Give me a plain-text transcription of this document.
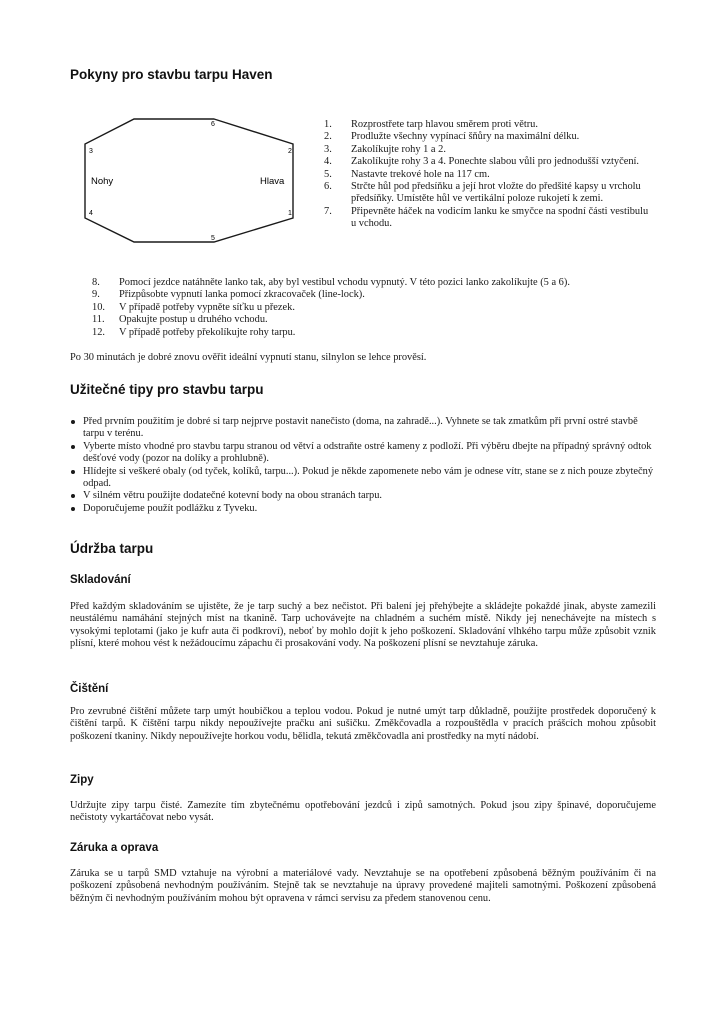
Pokyny pro stavbu tarpu Haven
6
2
1
5
4
3
Nohy	Hlava
1. Rozprostřete tarp hlavou směrem proti větru.
2. Prodlužte všechny vypínací šňůry na maximální délku.
3. Zakolíkujte rohy 1 a 2.
4. Zakolíkujte rohy 3 a 4. Ponechte slabou vůli pro jednodušší vztyčení.
5. Nastavte trekové hole na 117 cm.
6. Strčte hůl pod předsíňku a její hrot vložte do předšité kapsy u vrcholu předsíňky. Umístěte hůl ve vertikální poloze rukojetí k zemi.
7. Připevněte háček na vodicím lanku ke smyčce na spodní části vestibulu u vchodu.
8. Pomocí jezdce natáhněte lanko tak, aby byl vestibul vchodu vypnutý. V této pozici lanko zakolíkujte (5 a 6).
9. Přizpůsobte vypnutí lanka pomocí zkracovaček (line-lock).
10. V případě potřeby vypněte síťku u přezek.
11. Opakujte postup u druhého vchodu.
12. V případě potřeby překolíkujte rohy tarpu.

Po 30 minutách je dobré znovu ověřit ideální vypnutí stanu, silnylon se lehce prověsí.

Užitečné tipy pro stavbu tarpu
Před prvním použitím je dobré si tarp nejprve postavit nanečisto (doma, na zahradě...). Vyhnete se tak zmatkům při první ostré stavbě tarpu v terénu.
Vyberte místo vhodné pro stavbu tarpu stranou od větví a odstraňte ostré kameny z podloží. Při výběru dbejte na případný správný odtok dešťové vody (pozor na dolíky a prohlubně).
Hlídejte si veškeré obaly (od tyček, kolíků, tarpu...). Pokud je někde zapomenete nebo vám je odnese vítr, stane se z nich pouze zbytečný odpad.
V silném větru použijte dodatečné kotevní body na obou stranách tarpu.
Doporučujeme použít podlážku z Tyveku.
Údržba tarpu
Skladování

Před každým skladováním se ujistěte, že je tarp suchý a bez nečistot. Při balení jej přehýbejte a skládejte pokaždé jinak, abyste zamezili neustálému namáhání stejných míst na tkanině. Tarp uchovávejte na chladném a suchém místě. Nikdy jej nenechávejte na místech s vysokými teplotami (jako je kufr auta či podkroví), neboť by mohlo dojít k jeho poškození. Skladování vlhkého tarpu může způsobit vznik plísní, které mohou vést k nežádoucímu zápachu či prosakování vody. Na poškození plísní se nevztahuje záruka.

Čištění

Pro zevrubné čištění můžete tarp umýt houbičkou a teplou vodou. Pokud je nutné umýt tarp důkladně, použijte prostředek doporučený k čištění tarpů. K čištění tarpu nikdy nepoužívejte pračku ani sušičku. Změkčovadla a rozpouštědla v pracích prášcích mohou způsobit poškození tkaniny. Nikdy nepoužívejte horkou vodu, bělidla, tekutá změkčovadla ani prostředky na mytí nádobí.

Zipy

Udržujte zipy tarpu čisté. Zamezíte tím zbytečnému opotřebování jezdců i zipů samotných. Pokud jsou zipy špinavé, doporučujeme nečistoty vykartáčovat nebo vysát.

Záruka a oprava

Záruka se u tarpů SMD vztahuje na výrobní a materiálové vady. Nevztahuje se na opotřebení způsobená běžným používáním či na poškození způsobená nevhodným používáním. Stejně tak se nevztahuje na úpravy provedené majiteli samotnými. Poškození způsobená běžným či nevhodným používáním mohou být opravena v rámci servisu za předem stanovenou cenu.
